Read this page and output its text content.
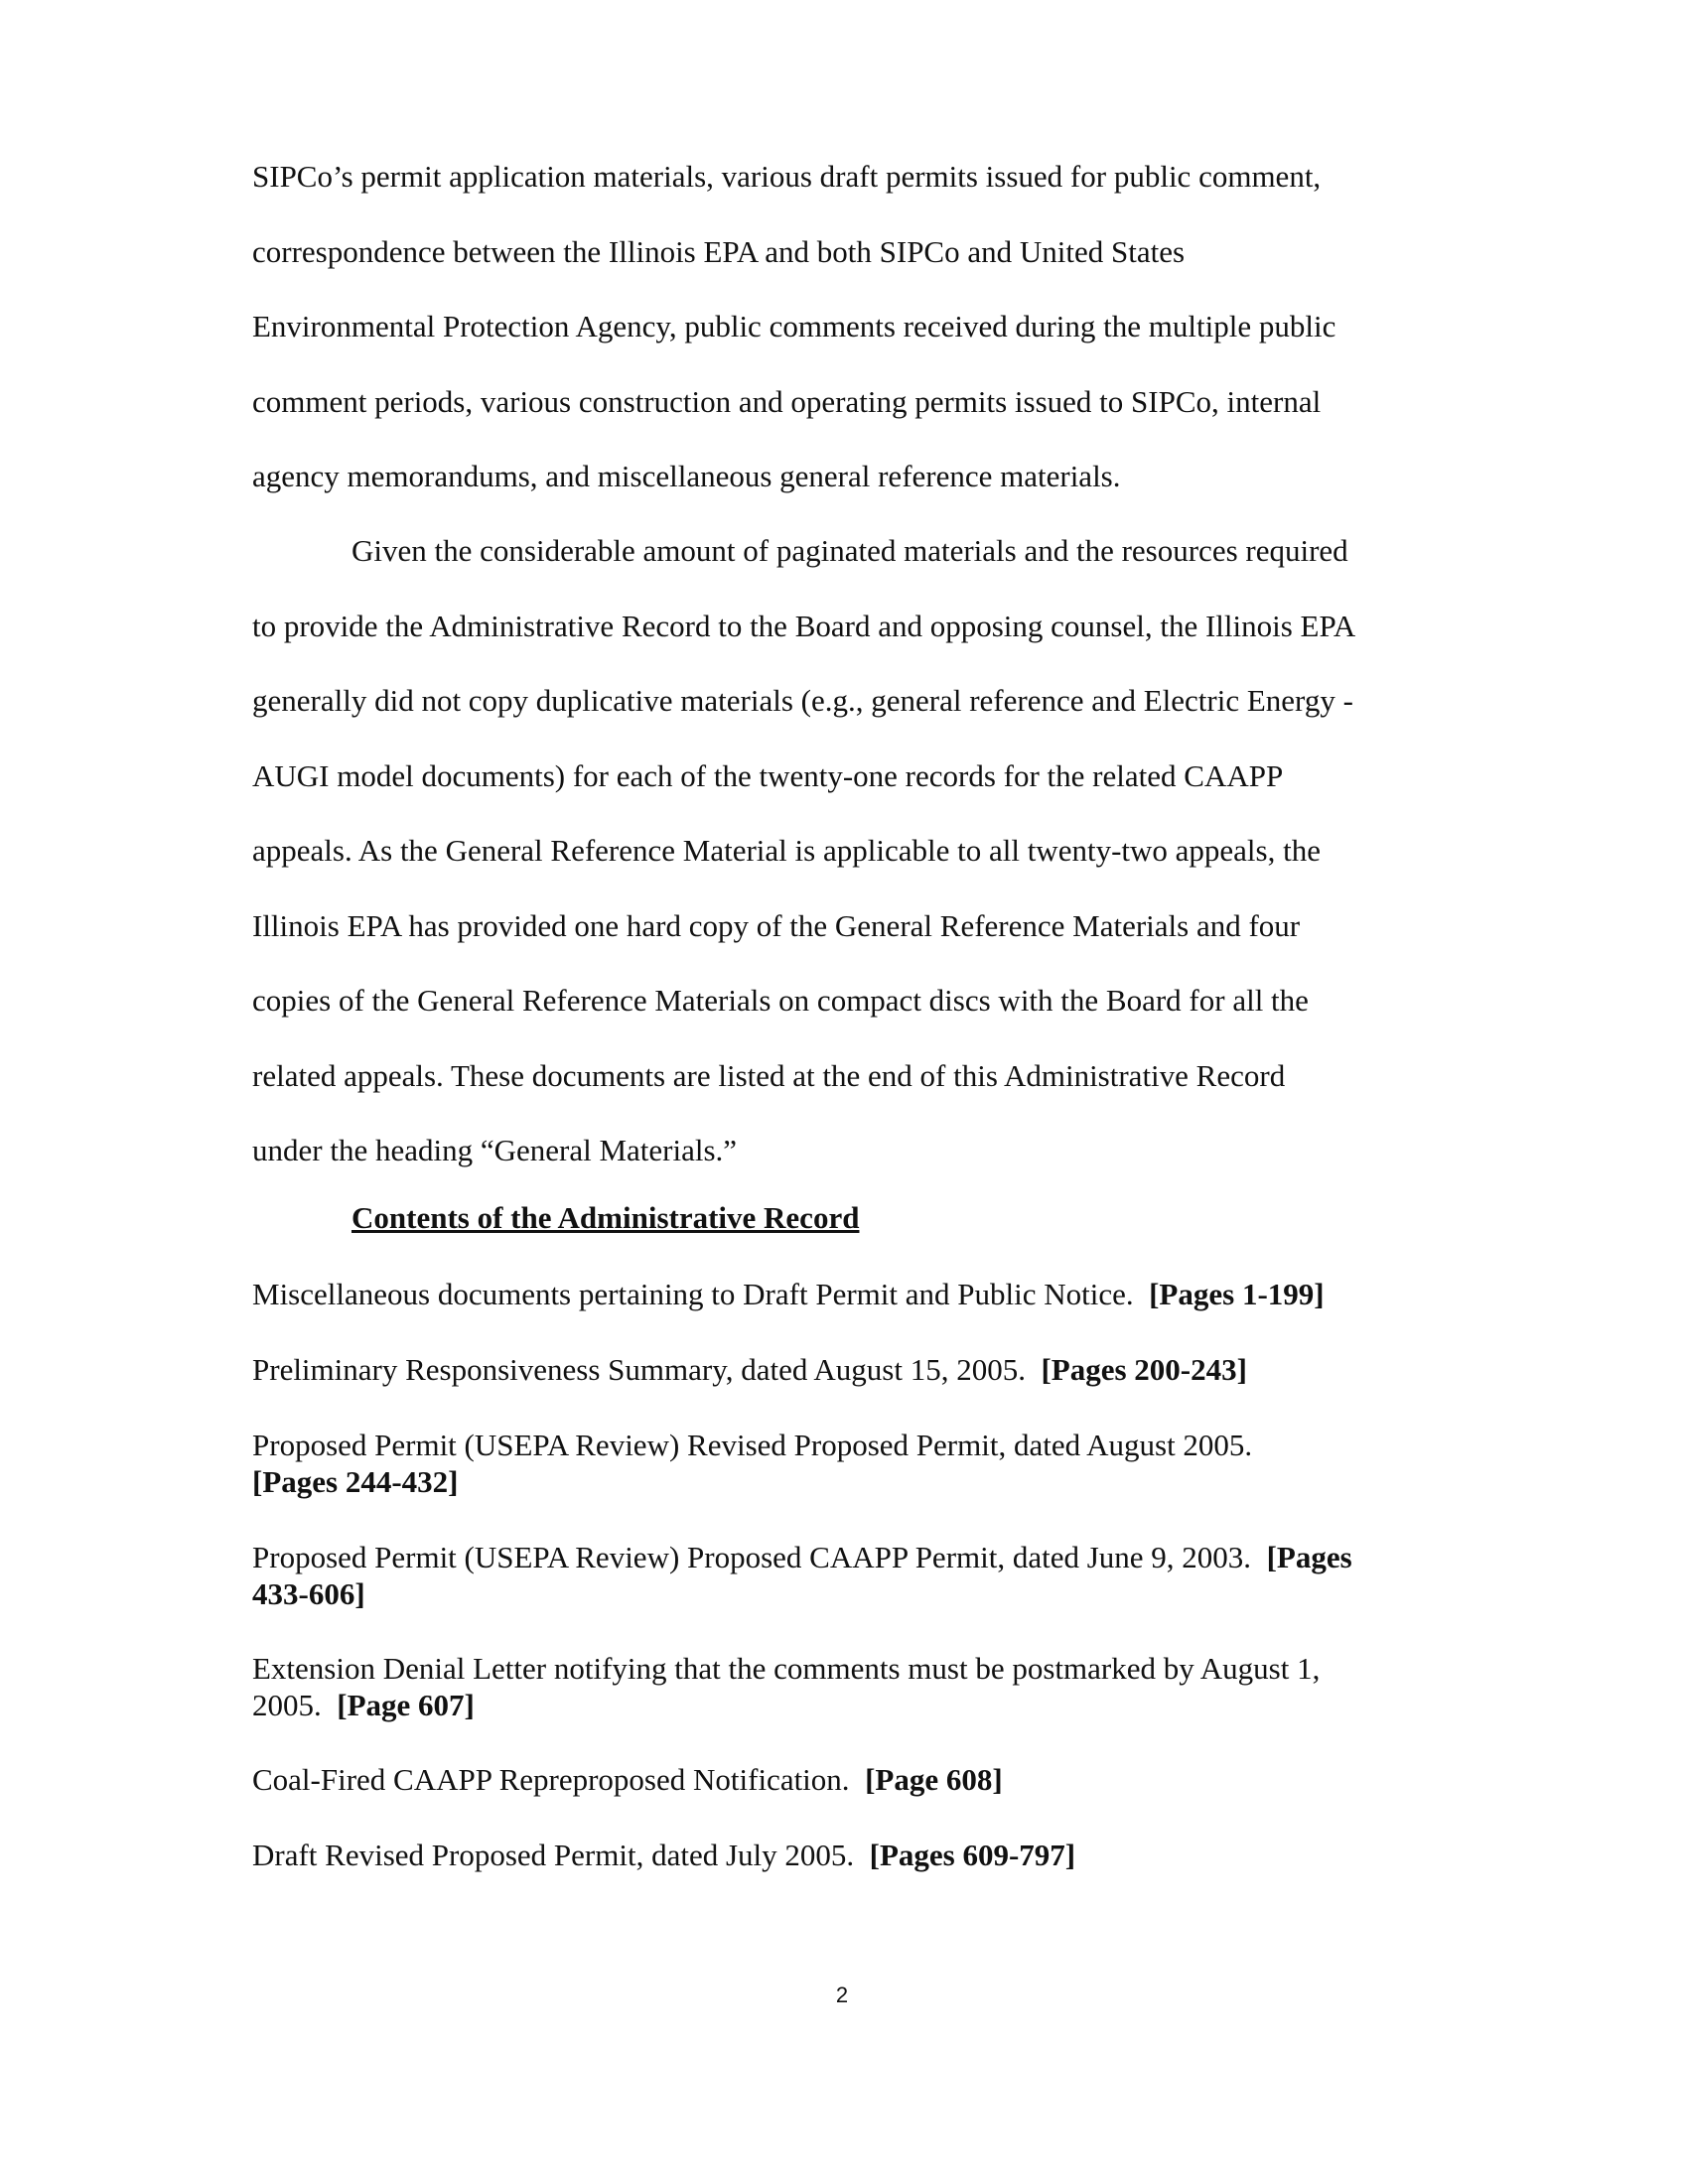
SIPCo’s permit application materials, various draft permits issued for public comment,
correspondence between the Illinois EPA and both SIPCo and United States
Environmental Protection Agency, public comments received during the multiple public
comment periods, various construction and operating permits issued to SIPCo, internal
agency memorandums, and miscellaneous general reference materials.

Given the considerable amount of paginated materials and the resources required
to provide the Administrative Record to the Board and opposing counsel, the Illinois EPA
generally did not copy duplicative materials (e.g., general reference and Electric Energy -
AUGI model documents) for each of the twenty-one records for the related CAAPP
appeals. As the General Reference Material is applicable to all twenty-two appeals, the
Illinois EPA has provided one hard copy of the General Reference Materials and four
copies of the General Reference Materials on compact discs with the Board for all the
related appeals. These documents are listed at the end of this Administrative Record
under the heading “General Materials.”

Contents of the Administrative Record

Miscellaneous documents pertaining to Draft Permit and Public Notice. [Pages 1-199]

Preliminary Responsiveness Summary, dated August 15, 2005. [Pages 200-243]

Proposed Permit (USEPA Review) Revised Proposed Permit, dated August 2005.
[Pages 244-432]

Proposed Permit (USEPA Review) Proposed CAAPP Permit, dated June 9, 2003. [Pages
433-606]

Extension Denial Letter notifying that the comments must be postmarked by August 1,
2005. [Page 607]

Coal-Fired CAAPP Repreproposed Notification. [Page 608]

Draft Revised Proposed Permit, dated July 2005. [Pages 609-797]

2
